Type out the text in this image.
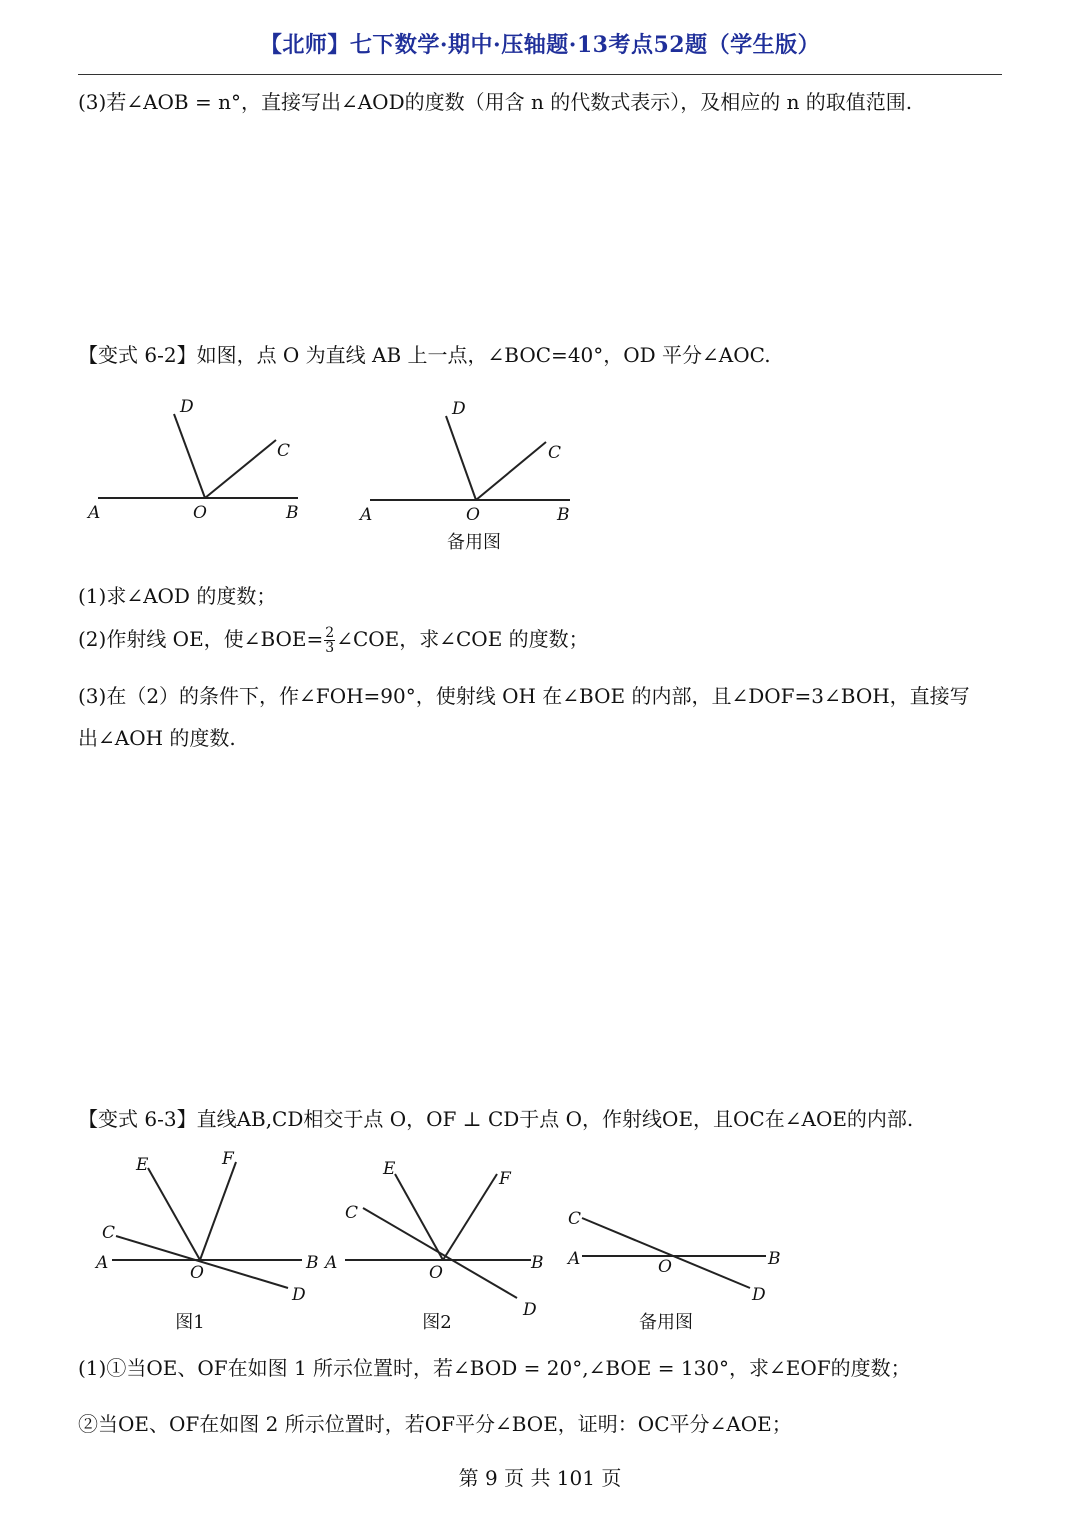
【北师】七下数学·期中·压轴题·13考点52题（学生版）
(3)若∠AOB = n°，直接写出∠AOD的度数（用含 n 的代数式表示），及相应的 n 的取值范围.
【变式 6-2】如图，点 O 为直线 AB 上一点，∠BOC=40°，OD 平分∠AOC.
D
C
A	O	B
D
C
A	O	B
备用图
(1)求∠AOD 的度数；
(2)作射线 OE，使∠BOE= $\frac{2}{3}$ ∠COE，求∠COE 的度数；
(3)在（2）的条件下，作∠FOH=90°，使射线 OH 在∠BOE 的内部，且∠DOF=3∠BOH，直接写
出∠AOH 的度数.
【变式 6-3】直线AB,CD相交于点 O，OF ⊥ CD于点 O，作射线OE，且OC在∠AOE的内部.
E	F
C
A	O	B
D
图1
E	F
C
A	O	B
D
图2
C
A	O	B
D
备用图
(1)①当OE、OF在如图 1 所示位置时，若∠BOD = 20°,∠BOE = 130°，求∠EOF的度数；
②当OE、OF在如图 2 所示位置时，若OF平分∠BOE，证明：OC平分∠AOE；
第 9 页 共 101 页
